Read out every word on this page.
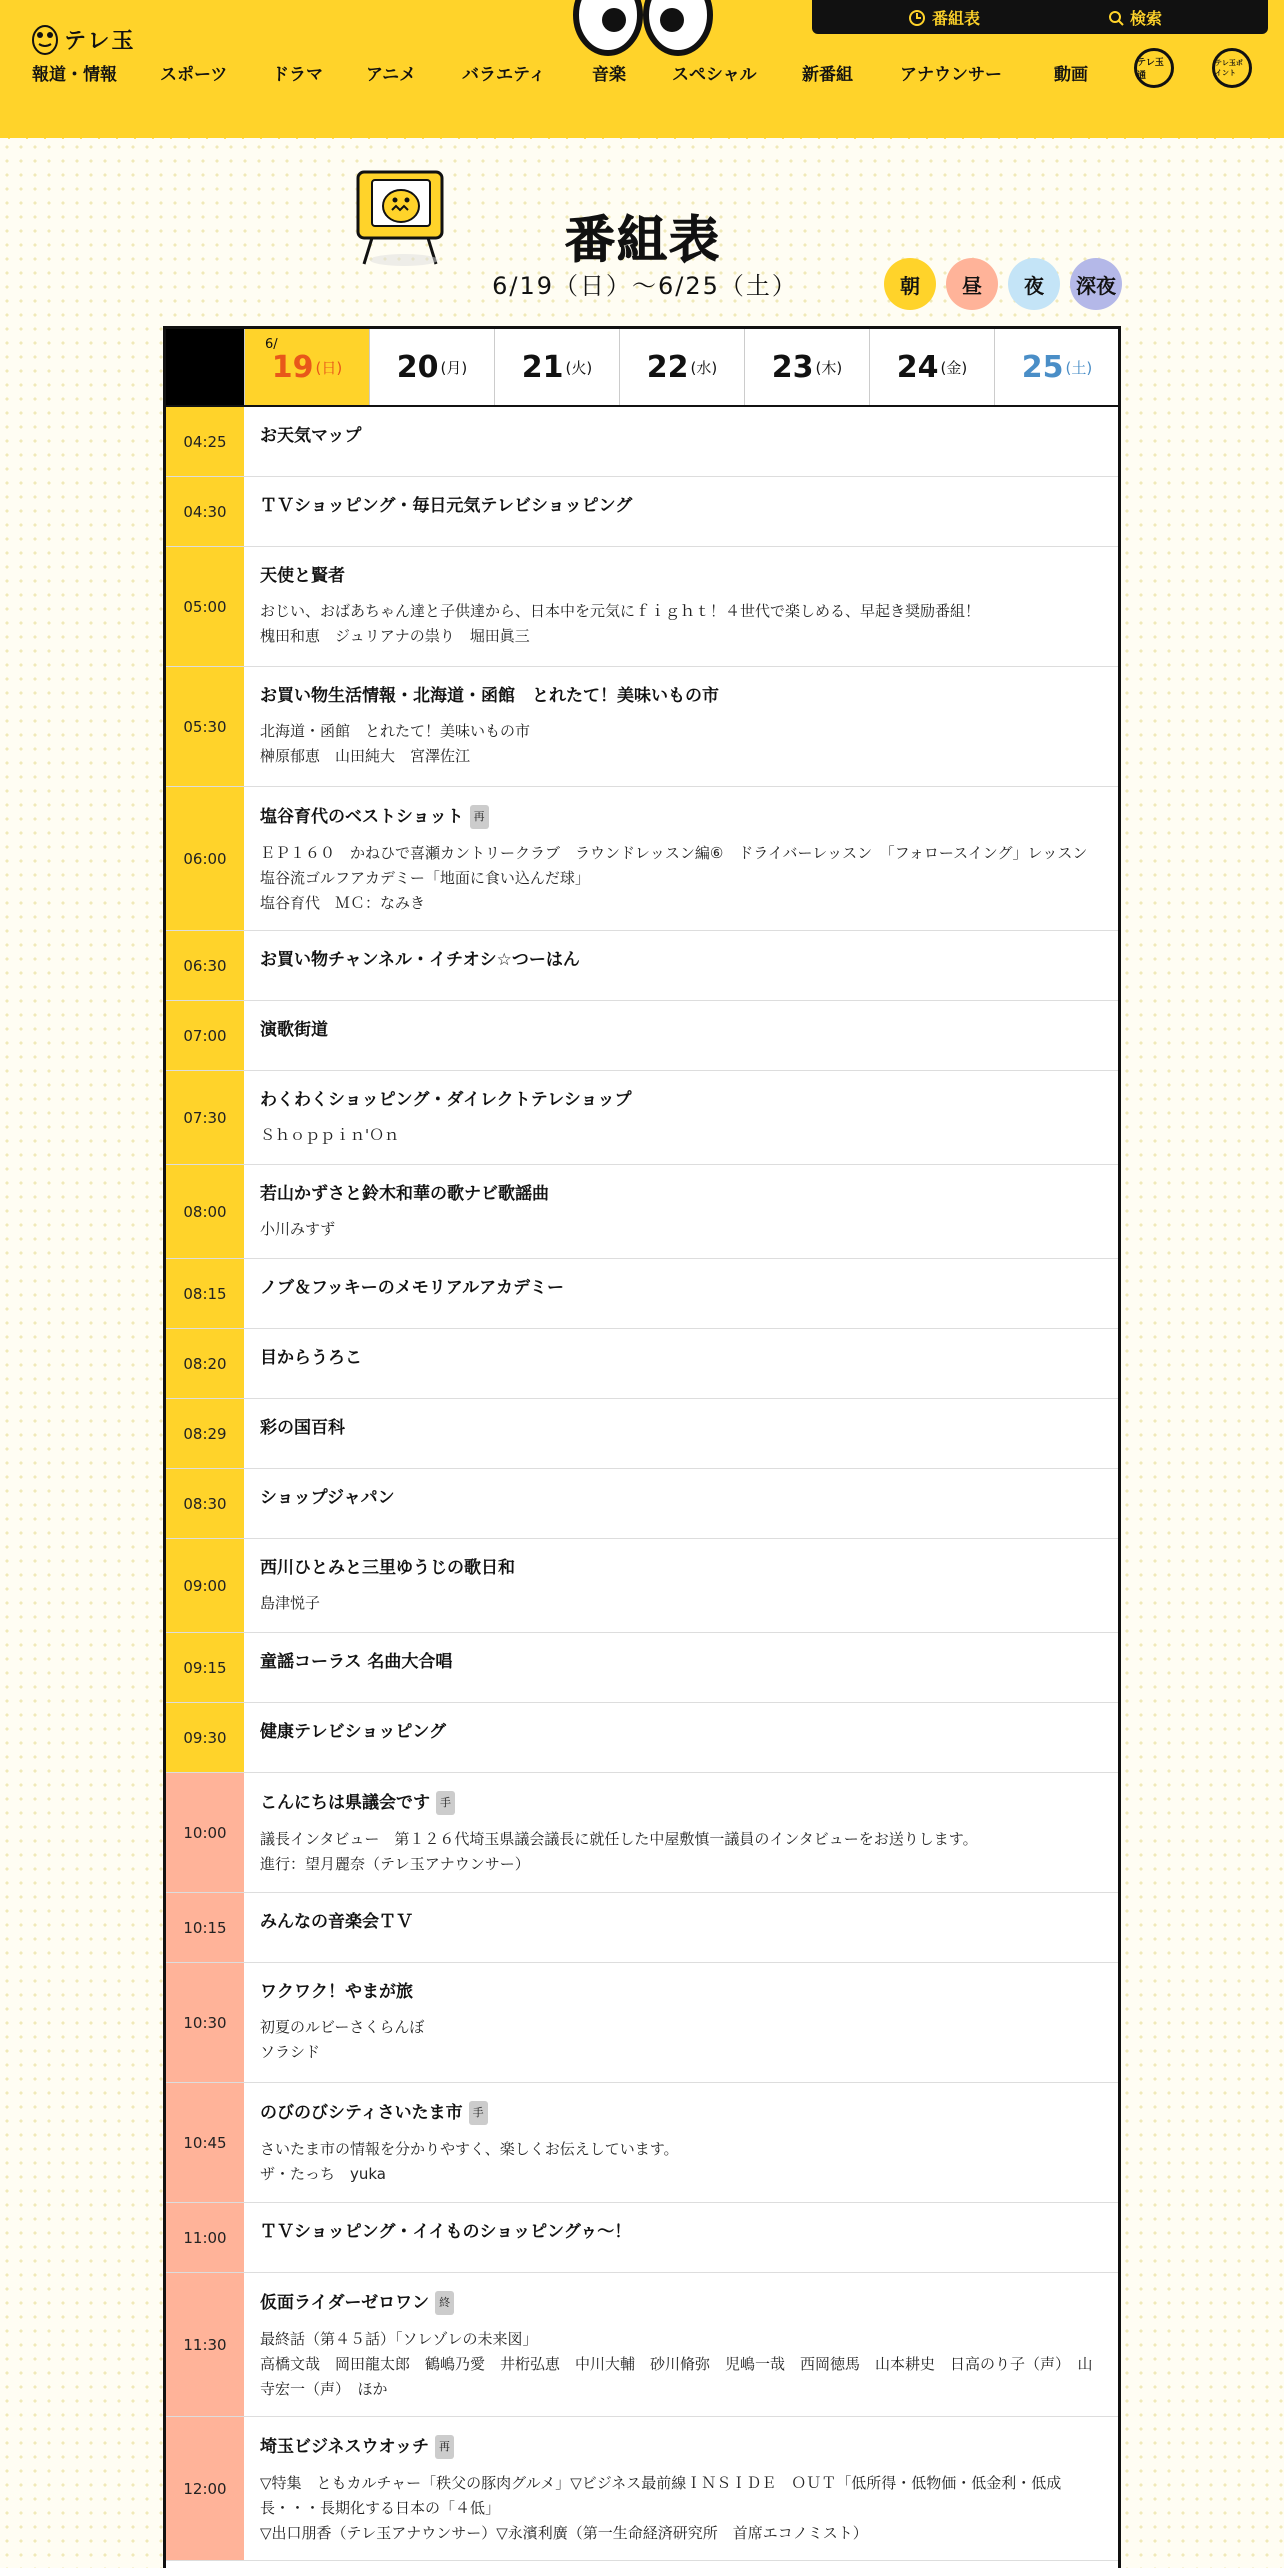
テレ玉
番組表	検索
報道・情報	スポーツ	ドラマ	アニメ	バラエティ	音楽	スペシャル	新番組	アナウンサー	動画
テレ玉通
テレ玉ポイント
番組表
6/19（日）〜6/25（土）	朝	昼	夜	深夜
6/
19 (日) 20 (月) 21 (火) 22 (水) 23 (木) 24 (金) 25 (土)
04:25	お天気マップ
04:30	ＴＶショッピング・毎日元気テレビショッピング
05:00
天使と賢者
おじい、おばあちゃん達と子供達から、日本中を元気にｆｉｇｈｔ！４世代で楽しめる、早起き奨励番組！
槐田和恵　ジュリアナの祟り　堀田眞三
05:30
お買い物生活情報・北海道・函館　とれたて！美味いもの市
北海道・函館　とれたて！美味いもの市
榊原郁恵　山田純大　宮澤佐江
06:00
塩谷育代のベストショット 再
ＥＰ１６０　かねひで喜瀬カントリークラブ　ラウンドレッスン編⑥　ドライバーレッスン　「フォロースイング」レッスン　塩谷流ゴルフアカデミー「地面に食い込んだ球」
塩谷育代　ＭＣ：なみき
06:30	お買い物チャンネル・イチオシ☆つーはん
07:00	演歌街道
07:30
わくわくショッピング・ダイレクトテレショップ
Ｓｈｏｐｐｉｎ'Ｏｎ
08:00
若山かずさと鈴木和華の歌ナビ歌謡曲
小川みすず
08:15	ノブ＆フッキーのメモリアルアカデミー
08:20	目からうろこ
08:29	彩の国百科
08:30	ショップジャパン
09:00
西川ひとみと三里ゆうじの歌日和
島津悦子
09:15	童謡コーラス 名曲大合唱
09:30	健康テレビショッピング
10:00
こんにちは県議会です 手
議長インタビュー　第１２６代埼玉県議会議長に就任した中屋敷慎一議員のインタビューをお送りします。
進行：望月麗奈（テレ玉アナウンサー）
10:15	みんなの音楽会ＴＶ
10:30
ワクワク！やまが旅
初夏のルビーさくらんぼ
ソラシド
10:45
のびのびシティさいたま市 手
さいたま市の情報を分かりやすく、楽しくお伝えしています。
ザ・たっち　yuka
11:00	ＴＶショッピング・イイものショッピングゥ～！
11:30
仮面ライダーゼロワン 終
最終話（第４５話）「ソレゾレの未来図」
高橋文哉　岡田龍太郎　鶴嶋乃愛　井桁弘恵　中川大輔　砂川脩弥　児嶋一哉　西岡徳馬　山本耕史　日高のり子（声）　山寺宏一（声）　ほか
12:00
埼玉ビジネスウオッチ 再
▽特集　ともカルチャー「秩父の豚肉グルメ」▽ビジネス最前線ＩＮＳＩＤＥ　ＯＵＴ「低所得・低物価・低金利・低成長・・・長期化する日本の「４低」
▽出口朋香（テレ玉アナウンサー）▽永濱利廣（第一生命経済研究所　首席エコノミスト）
